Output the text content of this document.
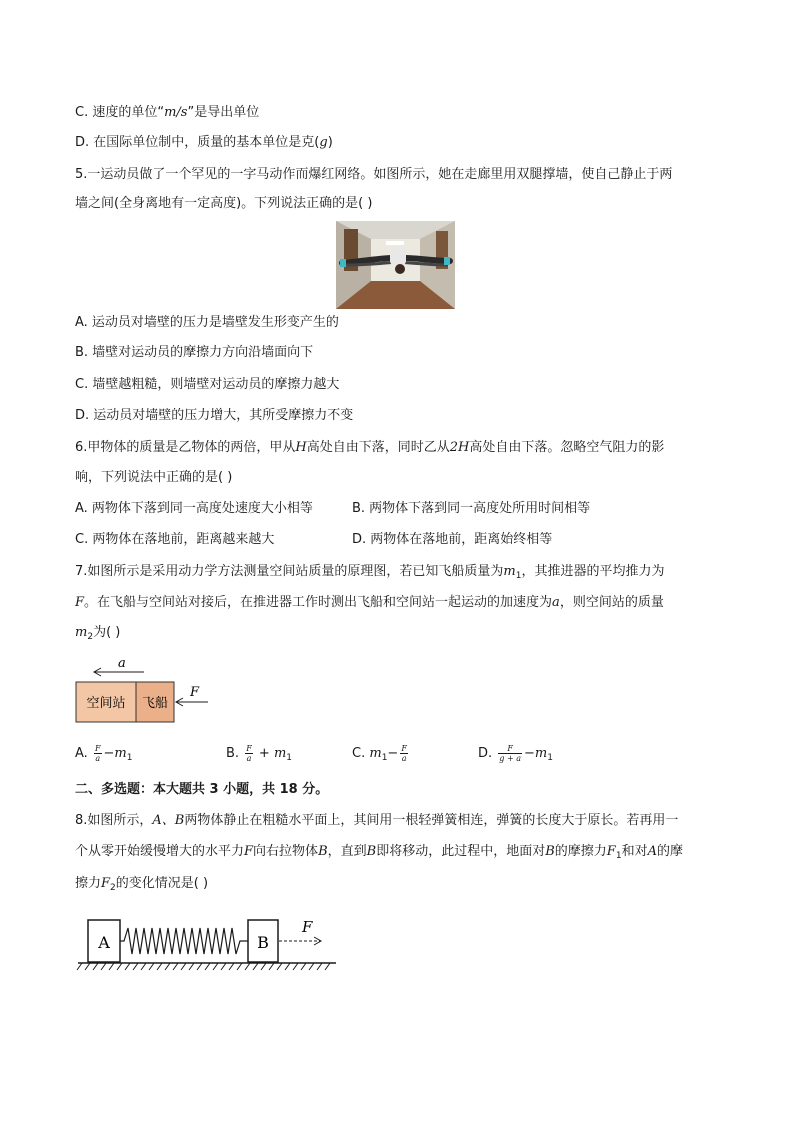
C. 速度的单位“m/s”是导出单位
D. 在国际单位制中，质量的基本单位是克(g)
5.一运动员做了一个罕见的一字马动作而爆红网络。如图所示，她在走廊里用双腿撑墙，使自己静止于两
墙之间(全身离地有一定高度)。下列说法正确的是( )
A. 运动员对墙壁的压力是墙壁发生形变产生的
B. 墙壁对运动员的摩擦力方向沿墙面向下
C. 墙壁越粗糙，则墙壁对运动员的摩擦力越大
D. 运动员对墙壁的压力增大，其所受摩擦力不变
6.甲物体的质量是乙物体的两倍，甲从H高处自由下落，同时乙从2H高处自由下落。忽略空气阻力的影
响，下列说法中正确的是( )
A. 两物体下落到同一高度处速度大小相等	B. 两物体下落到同一高度处所用时间相等
C. 两物体在落地前，距离越来越大	D. 两物体在落地前，距离始终相等
7.如图所示是采用动力学方法测量空间站质量的原理图，若已知飞船质量为$m_1$，其推进器的平均推力为
F。在飞船与空间站对接后，在推进器工作时测出飞船和空间站一起运动的加速度为a，则空间站的质量
$m_2$为( )
a
空间站 飞船
F
A. $\frac{F}{a} -m_1$	B. $\frac{F}{a} + m_1$	C. $m_1- \frac{F}{a}$	D. $\frac{F}{g + a} -m_1$
二、多选题：本大题共 3 小题，共 18 分。
8.如图所示，A、B两物体静止在粗糙水平面上，其间用一根轻弹簧相连，弹簧的长度大于原长。若再用一
个从零开始缓慢增大的水平力F向右拉物体B，直到B即将移动，此过程中，地面对B的摩擦力$F_1$和对A的摩
擦力$F_2$的变化情况是( )
A	B
F
